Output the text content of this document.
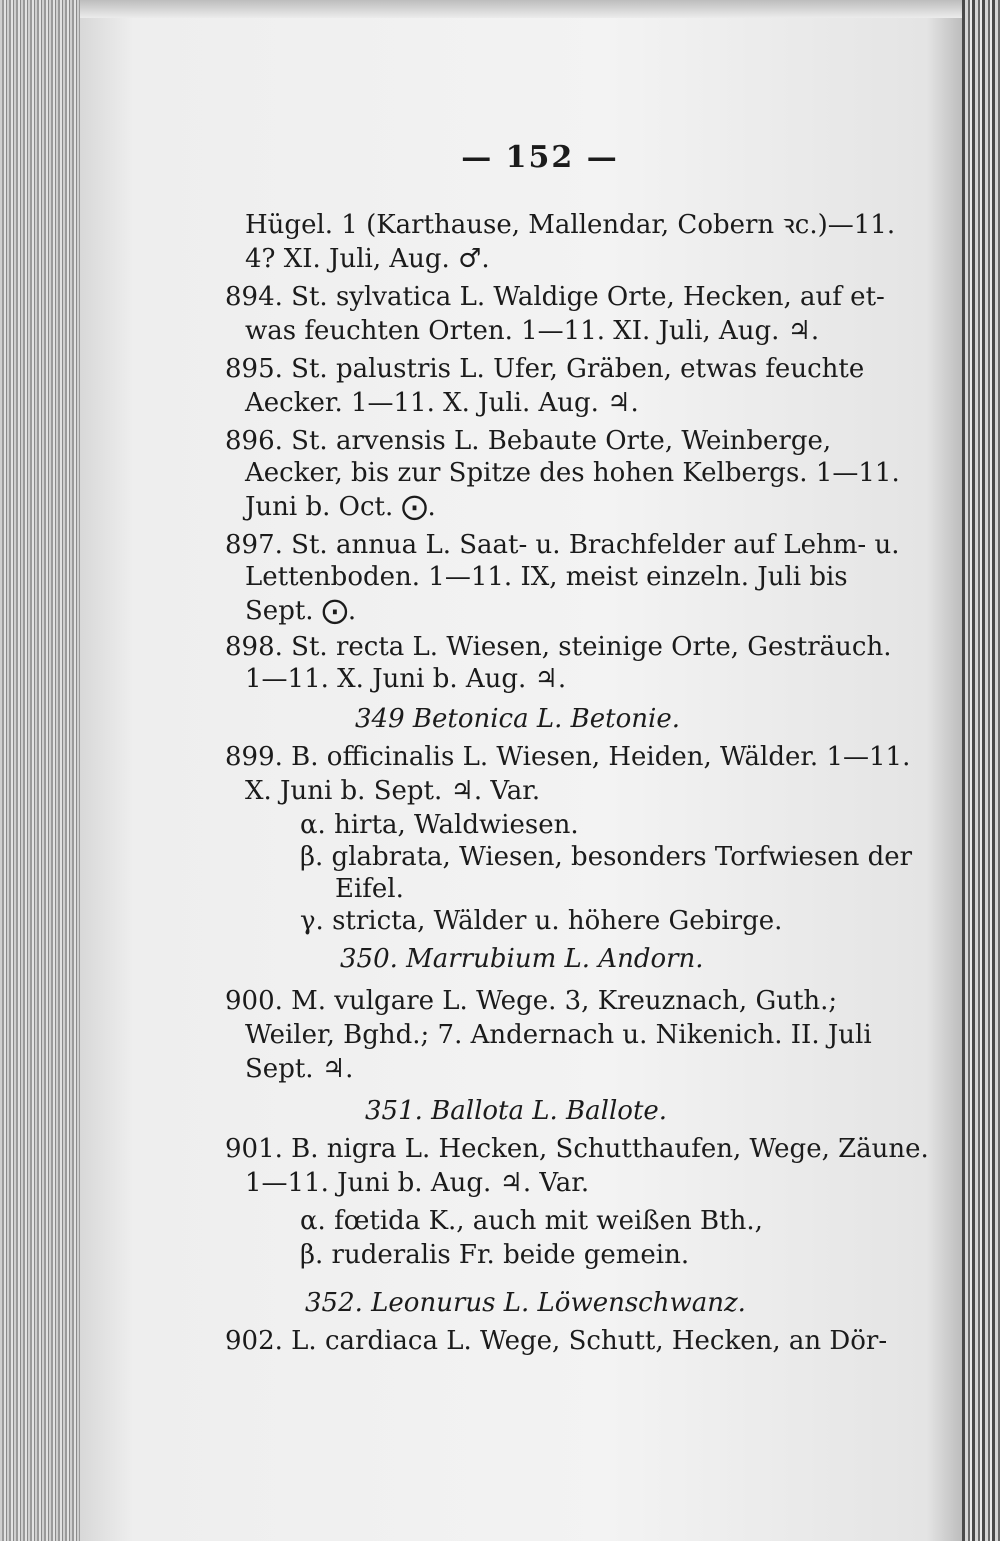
— 152 —
Hügel. 1 (Karthause, Mallendar, Cobern ꝛc.)—11.
4? XI. Juli, Aug. ♂.
894. St. sylvatica L. Waldige Orte, Hecken, auf et-
was feuchten Orten. 1—11. XI. Juli, Aug. ♃.
895. St. palustris L. Ufer, Gräben, etwas feuchte
Aecker. 1—11. X. Juli. Aug. ♃.
896. St. arvensis L. Bebaute Orte, Weinberge,
Aecker, bis zur Spitze des hohen Kelbergs. 1—11.
Juni b. Oct. ⨀.
897. St. annua L. Saat- u. Brachfelder auf Lehm- u.
Lettenboden. 1—11. IX, meist einzeln. Juli bis
Sept. ⨀.
898. St. recta L. Wiesen, steinige Orte, Gesträuch.
1—11. X. Juni b. Aug. ♃.
349 Betonica L. Betonie.
899. B. officinalis L. Wiesen, Heiden, Wälder. 1—11.
X. Juni b. Sept. ♃. Var.
α. hirta, Waldwiesen.
β. glabrata, Wiesen, besonders Torfwiesen der
Eifel.
γ. stricta, Wälder u. höhere Gebirge.
350. Marrubium L. Andorn.
900. M. vulgare L. Wege. 3, Kreuznach, Guth.;
Weiler, Bghd.; 7. Andernach u. Nikenich. II. Juli
Sept. ♃.
351. Ballota L. Ballote.
901. B. nigra L. Hecken, Schutthaufen, Wege, Zäune.
1—11. Juni b. Aug. ♃. Var.
α. fœtida K., auch mit weißen Bth.,
β. ruderalis Fr. beide gemein.
352. Leonurus L. Löwenschwanz.
902. L. cardiaca L. Wege, Schutt, Hecken, an Dör-
